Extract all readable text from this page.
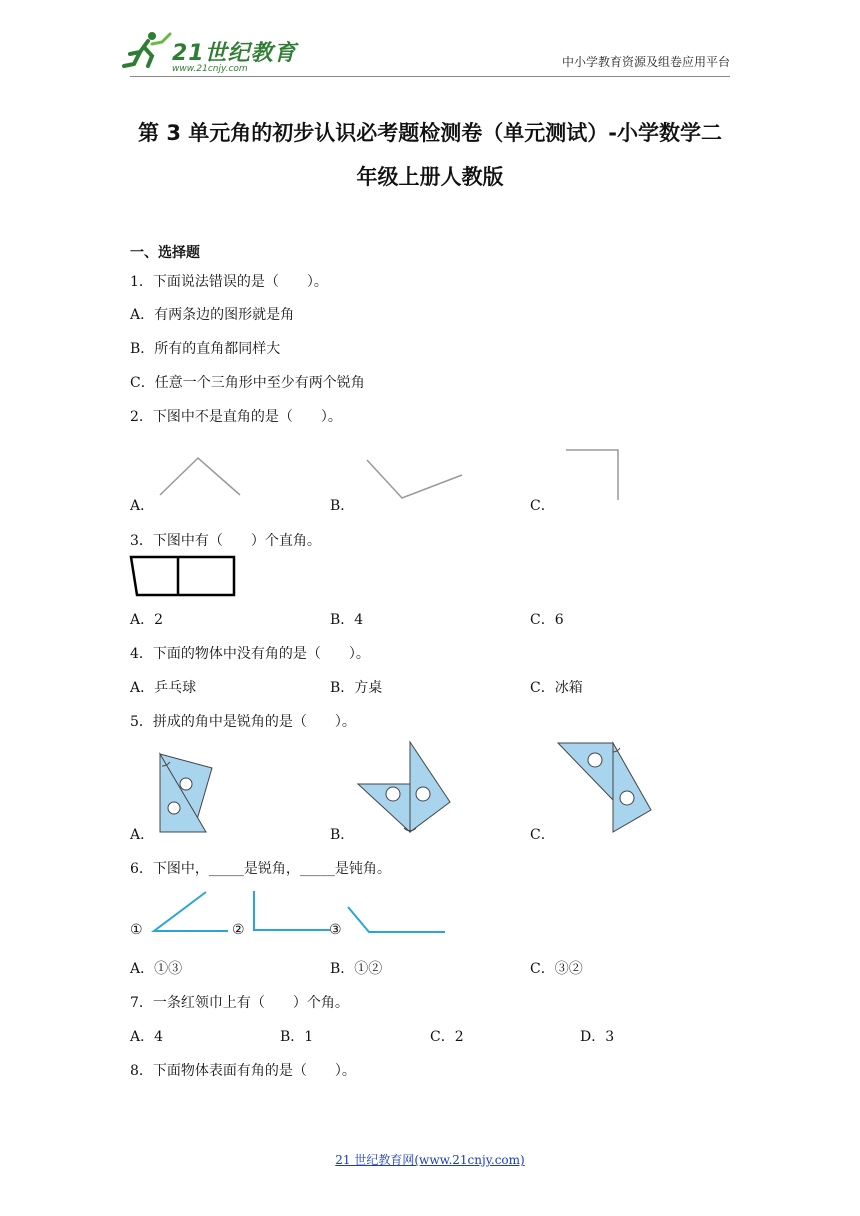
21世纪教育
www.21cnjy.com	中小学教育资源及组卷应用平台
第 3 单元角的初步认识必考题检测卷（单元测试）-小学数学二
年级上册人教版
一、选择题
1．下面说法错误的是（　　）。
A．有两条边的图形就是角
B．所有的直角都同样大
C．任意一个三角形中至少有两个锐角
2．下图中不是直角的是（　　）。
A．	B．	C．
3．下图中有（　　）个直角。
A．2	B．4	C．6
4．下面的物体中没有角的是（　　）。
A．乒乓球	B．方桌	C．冰箱
5．拼成的角中是锐角的是（　　）。
A．	B．	C．
6．下图中，_____是锐角，_____是钝角。
①	②	③
A．①③	B．①②	C．③②
7．一条红领巾上有（　　）个角。
A．4	B．1	C．2	D．3
8．下面物体表面有角的是（　　）。
21 世纪教育网(www.21cnjy.com)
